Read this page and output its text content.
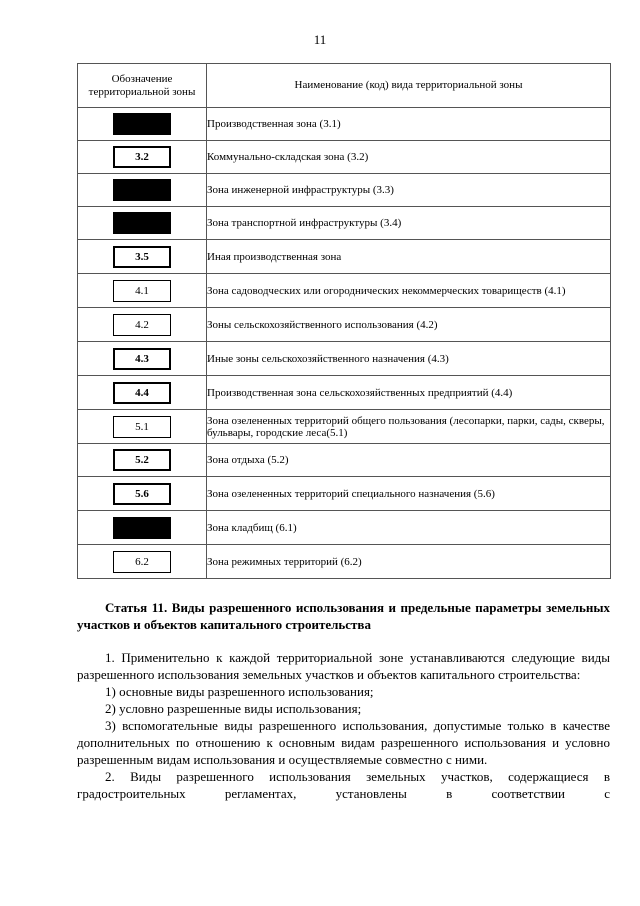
11
Обозначение территориальной зоны	Наименование (код) вида территориальной зоны
	Производственная зона (3.1)
3.2	Коммунально-складская зона (3.2)
	Зона инженерной инфраструктуры (3.3)
	Зона транспортной инфраструктуры (3.4)
3.5	Иная производственная зона
4.1	Зона садоводческих или огороднических некоммерческих товариществ (4.1)
4.2	Зоны сельскохозяйственного использования (4.2)
4.3	Иные зоны сельскохозяйственного назначения (4.3)
4.4	Производственная зона сельскохозяйственных предприятий (4.4)
5.1	Зона озелененных территорий общего пользования (лесопарки, парки, сады, скверы, бульвары, городские леса(5.1)
5.2	Зона отдыха (5.2)
5.6	Зона озелененных территорий специального назначения (5.6)
	Зона кладбищ (6.1)
6.2	Зона режимных территорий (6.2)
Статья 11. Виды разрешенного использования и предельные параметры земельных участков и объектов капитального строительства

1. Применительно к каждой территориальной зоне устанавливаются следующие виды разрешенного использования земельных участков и объектов капитального строительства:

1) основные виды разрешенного использования;

2) условно разрешенные виды использования;

3) вспомогательные виды разрешенного использования, допустимые только в качестве дополнительных по отношению к основным видам разрешенного использования и условно разрешенным видам использования и осуществляемые совместно с ними.

2. Виды разрешенного использования земельных участков, содержащиеся в градостроительных регламентах, установлены в соответствии с
